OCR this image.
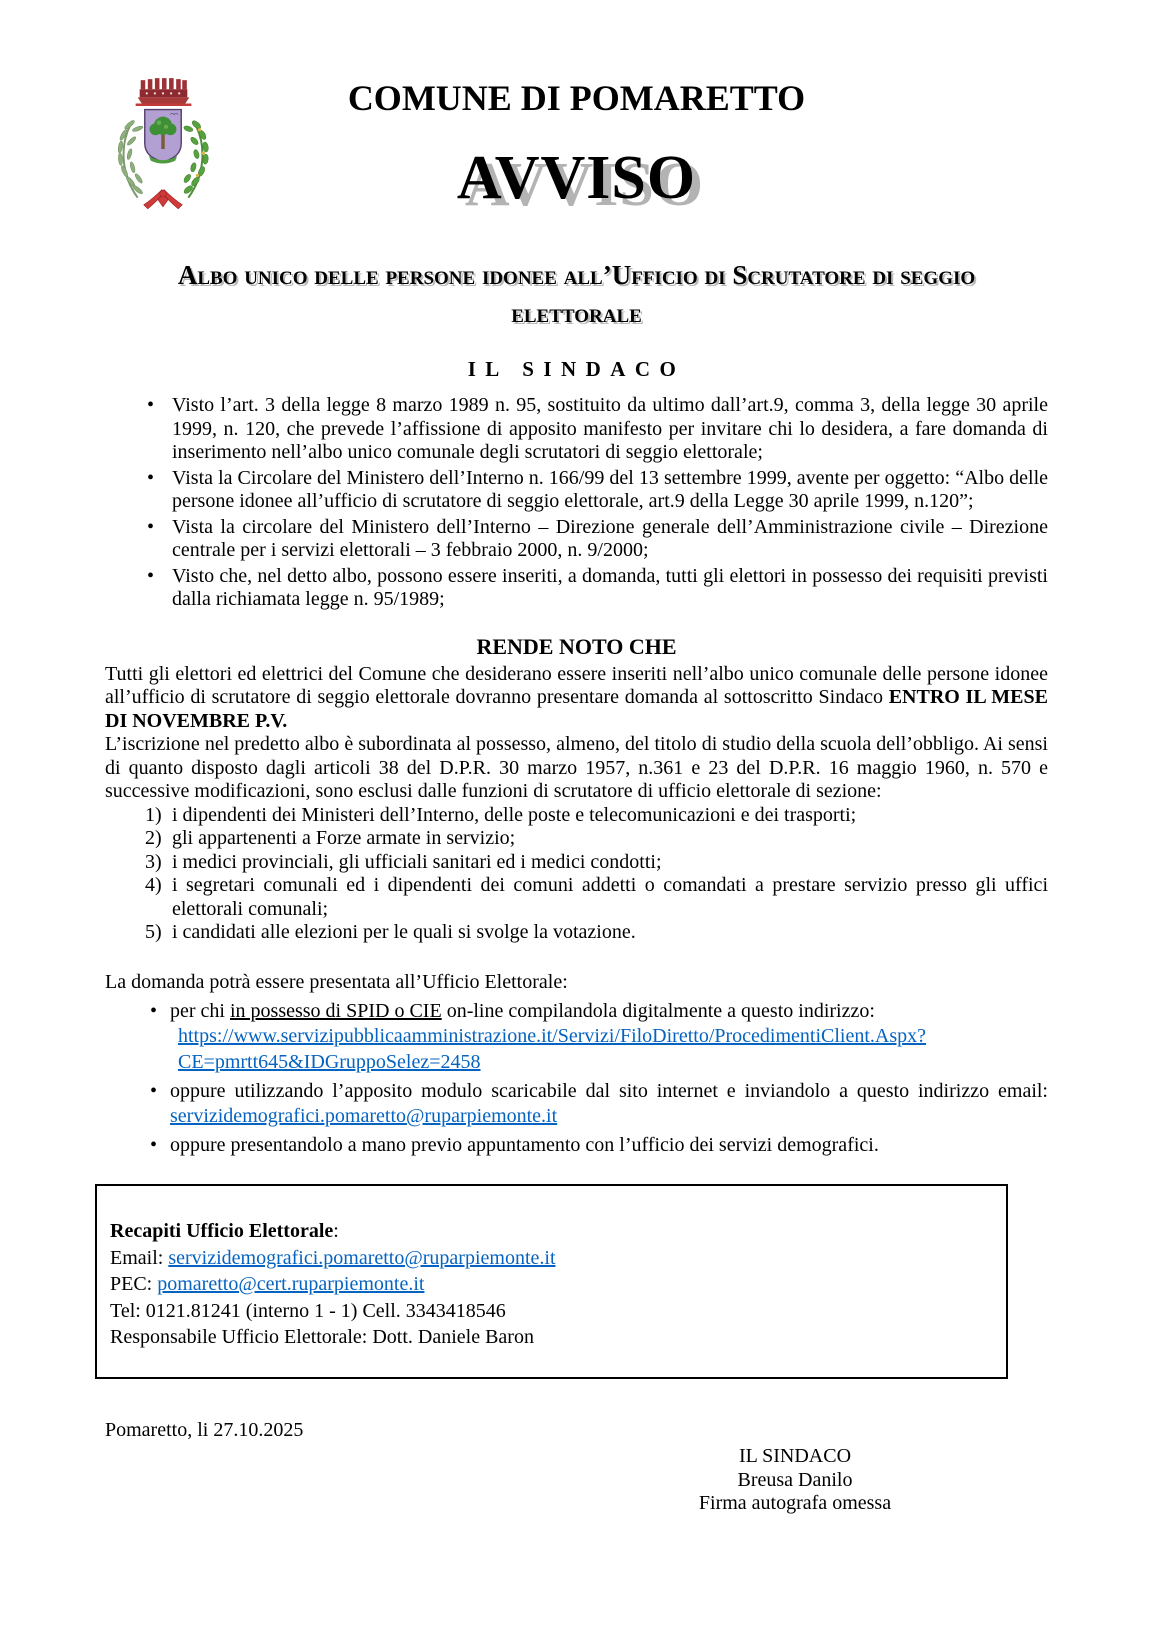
COMUNE DI POMARETTO
AVVISO
Albo unico delle persone idonee all’Ufficio di Scrutatore di seggio elettorale
IL SINDACO
• Visto l’art. 3 della legge 8 marzo 1989 n. 95, sostituito da ultimo dall’art.9, comma 3, della legge 30 aprile 1999, n. 120, che prevede l’affissione di apposito manifesto per invitare chi lo desidera, a fare domanda di inserimento nell’albo unico comunale degli scrutatori di seggio elettorale;
• Vista la Circolare del Ministero dell’Interno n. 166/99 del 13 settembre 1999, avente per oggetto: “Albo delle persone idonee all’ufficio di scrutatore di seggio elettorale, art.9 della Legge 30 aprile 1999, n.120”;
• Vista la circolare del Ministero dell’Interno – Direzione generale dell’Amministrazione civile – Direzione centrale per i servizi elettorali – 3 febbraio 2000, n. 9/2000;
• Visto che, nel detto albo, possono essere inseriti, a domanda, tutti gli elettori in possesso dei requisiti previsti dalla richiamata legge n. 95/1989;
RENDE NOTO CHE

Tutti gli elettori ed elettrici del Comune che desiderano essere inseriti nell’albo unico comunale delle persone idonee all’ufficio di scrutatore di seggio elettorale dovranno presentare domanda al sottoscritto Sindaco ENTRO IL MESE DI NOVEMBRE P.V.

L’iscrizione nel predetto albo è subordinata al possesso, almeno, del titolo di studio della scuola dell’obbligo. Ai sensi di quanto disposto dagli articoli 38 del D.P.R. 30 marzo 1957, n.361 e 23 del D.P.R. 16 maggio 1960, n. 570 e successive modificazioni, sono esclusi dalle funzioni di scrutatore di ufficio elettorale di sezione:

1) i dipendenti dei Ministeri dell’Interno, delle poste e telecomunicazioni e dei trasporti;
2) gli appartenenti a Forze armate in servizio;
3) i medici provinciali, gli ufficiali sanitari ed i medici condotti;
4) i segretari comunali ed i dipendenti dei comuni addetti o comandati a prestare servizio presso gli uffici elettorali comunali;
5) i candidati alle elezioni per le quali si svolge la votazione.

La domanda potrà essere presentata all’Ufficio Elettorale:

• per chi in possesso di SPID o CIE on-line compilandola digitalmente a questo indirizzo:
https://www.servizipubblicaamministrazione.it/Servizi/FiloDiretto/ProcedimentiClient.Aspx?CE=pmrtt645&IDGruppoSelez=2458
• oppure utilizzando l’apposito modulo scaricabile dal sito internet e inviandolo a questo indirizzo email: servizidemografici.pomaretto@ruparpiemonte.it
• oppure presentandolo a mano previo appuntamento con l’ufficio dei servizi demografici.
Recapiti Ufficio Elettorale:
Email: servizidemografici.pomaretto@ruparpiemonte.it
PEC: pomaretto@cert.ruparpiemonte.it
Tel: 0121.81241 (interno 1 - 1) Cell. 3343418546
Responsabile Ufficio Elettorale: Dott. Daniele Baron

Pomaretto, li 27.10.2025

IL SINDACO
Breusa Danilo
Firma autografa omessa
